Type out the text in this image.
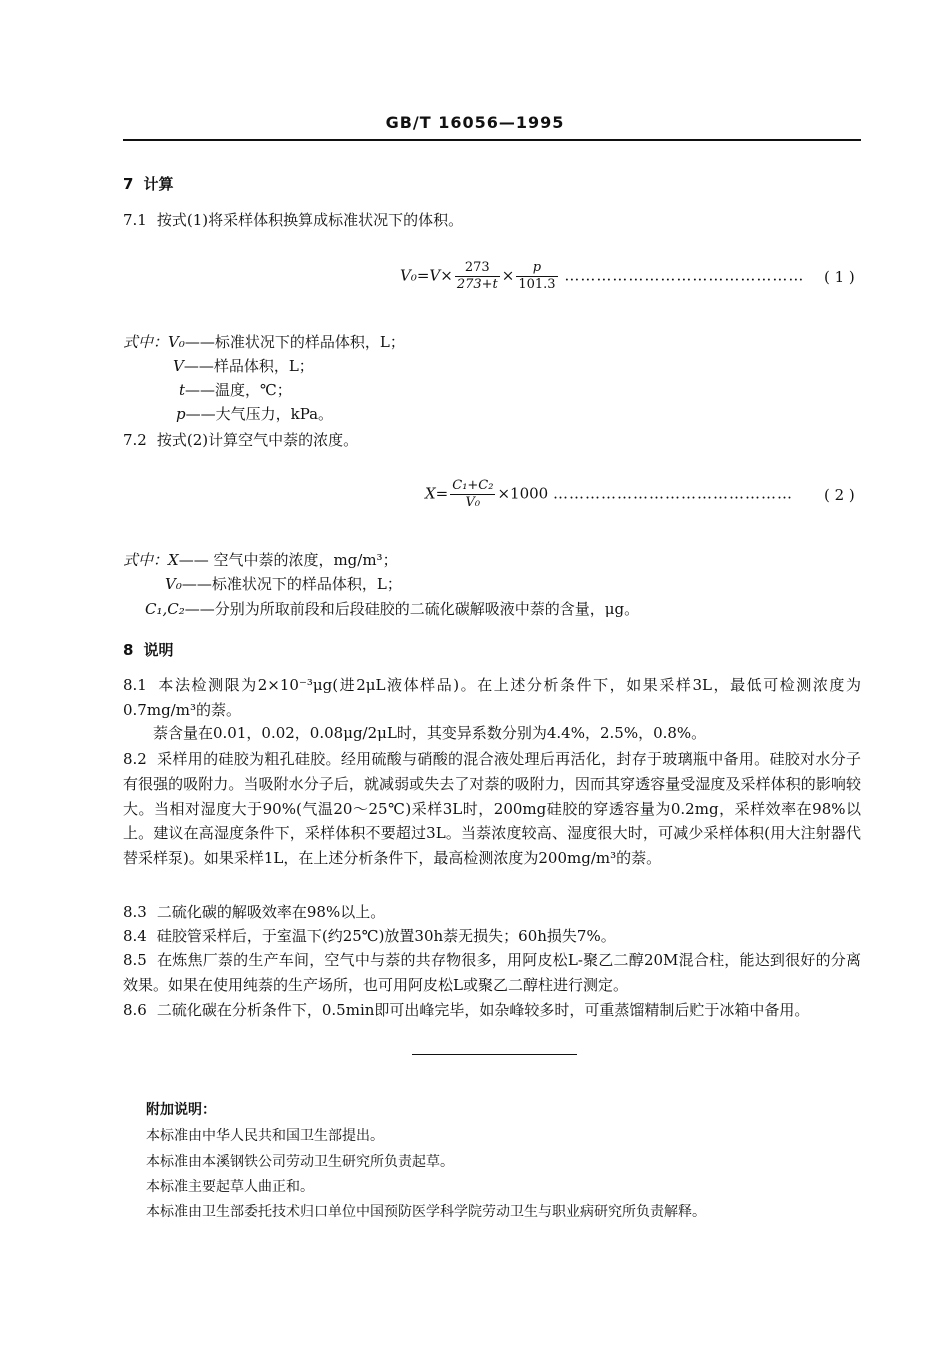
GB/T 16056—1995
7 计算
7.1 按式(1)将采样体积换算成标准状况下的体积。
$V_0=V\times \frac{273}{273+t} \times \frac{p}{101.3}$ ……………………………………… ( 1 )
式中：V₀——标准状况下的样品体积，L；
V——样品体积，L；
t——温度，℃；
p——大气压力，kPa。
7.2 按式(2)计算空气中萘的浓度。
$X= \frac{\text{C₁+C₂}}{\text{V₀}} \times 1000$ ……………………………………… ( 2 )
式中：X—— 空气中萘的浓度，mg/m³；
V₀——标准状况下的样品体积，L；
C₁,C₂——分别为所取前段和后段硅胶的二硫化碳解吸液中萘的含量，μg。
8 说明
8.1 本法检测限为2×10⁻³μg(进2μL液体样品)。在上述分析条件下，如果采样3L，最低可检测浓度为0.7mg/m³的萘。
萘含量在0.01，0.02，0.08μg/2μL时，其变异系数分别为4.4%，2.5%，0.8%。
8.2 采样用的硅胶为粗孔硅胶。经用硫酸与硝酸的混合液处理后再活化，封存于玻璃瓶中备用。硅胶对水分子有很强的吸附力。当吸附水分子后，就减弱或失去了对萘的吸附力，因而其穿透容量受湿度及采样体积的影响较大。当相对湿度大于90%(气温20～25℃)采样3L时，200mg硅胶的穿透容量为0.2mg，采样效率在98%以上。建议在高湿度条件下，采样体积不要超过3L。当萘浓度较高、湿度很大时，可减少采样体积(用大注射器代替采样泵)。如果采样1L，在上述分析条件下，最高检测浓度为200mg/m³的萘。
8.3 二硫化碳的解吸效率在98%以上。
8.4 硅胶管采样后，于室温下(约25℃)放置30h萘无损失；60h损失7%。
8.5 在炼焦厂萘的生产车间，空气中与萘的共存物很多，用阿皮松L-聚乙二醇20M混合柱，能达到很好的分离效果。如果在使用纯萘的生产场所，也可用阿皮松L或聚乙二醇柱进行测定。
8.6 二硫化碳在分析条件下，0.5min即可出峰完毕，如杂峰较多时，可重蒸馏精制后贮于冰箱中备用。
附加说明：
本标准由中华人民共和国卫生部提出。
本标准由本溪钢铁公司劳动卫生研究所负责起草。
本标准主要起草人曲正和。
本标准由卫生部委托技术归口单位中国预防医学科学院劳动卫生与职业病研究所负责解释。
